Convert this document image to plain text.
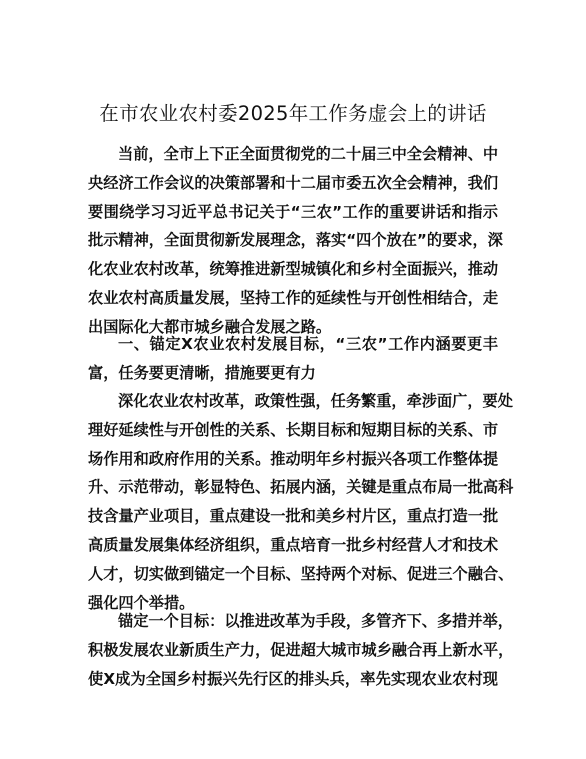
在市农业农村委2025年工作务虚会上的讲话
当前，全市上下正全面贯彻党的二十届三中全会精神、中
央经济工作会议的决策部署和十二届市委五次全会精神，我们
要围绕学习习近平总书记关于“三农”工作的重要讲话和指示
批示精神，全面贯彻新发展理念，落实“四个放在”的要求，深
化农业农村改革，统筹推进新型城镇化和乡村全面振兴，推动
农业农村高质量发展，坚持工作的延续性与开创性相结合，走
出国际化大都市城乡融合发展之路。
一、锚定X农业农村发展目标，“三农”工作内涵要更丰
富，任务要更清晰，措施要更有力
深化农业农村改革，政策性强，任务繁重，牵涉面广，要处
理好延续性与开创性的关系、长期目标和短期目标的关系、市
场作用和政府作用的关系。推动明年乡村振兴各项工作整体提
升、示范带动，彰显特色、拓展内涵，关键是重点布局一批高科
技含量产业项目，重点建设一批和美乡村片区，重点打造一批
高质量发展集体经济组织，重点培育一批乡村经营人才和技术
人才，切实做到锚定一个目标、坚持两个对标、促进三个融合、
强化四个举措。
锚定一个目标：以推进改革为手段，多管齐下、多措并举，
积极发展农业新质生产力，促进超大城市城乡融合再上新水平，
使X成为全国乡村振兴先行区的排头兵，率先实现农业农村现
